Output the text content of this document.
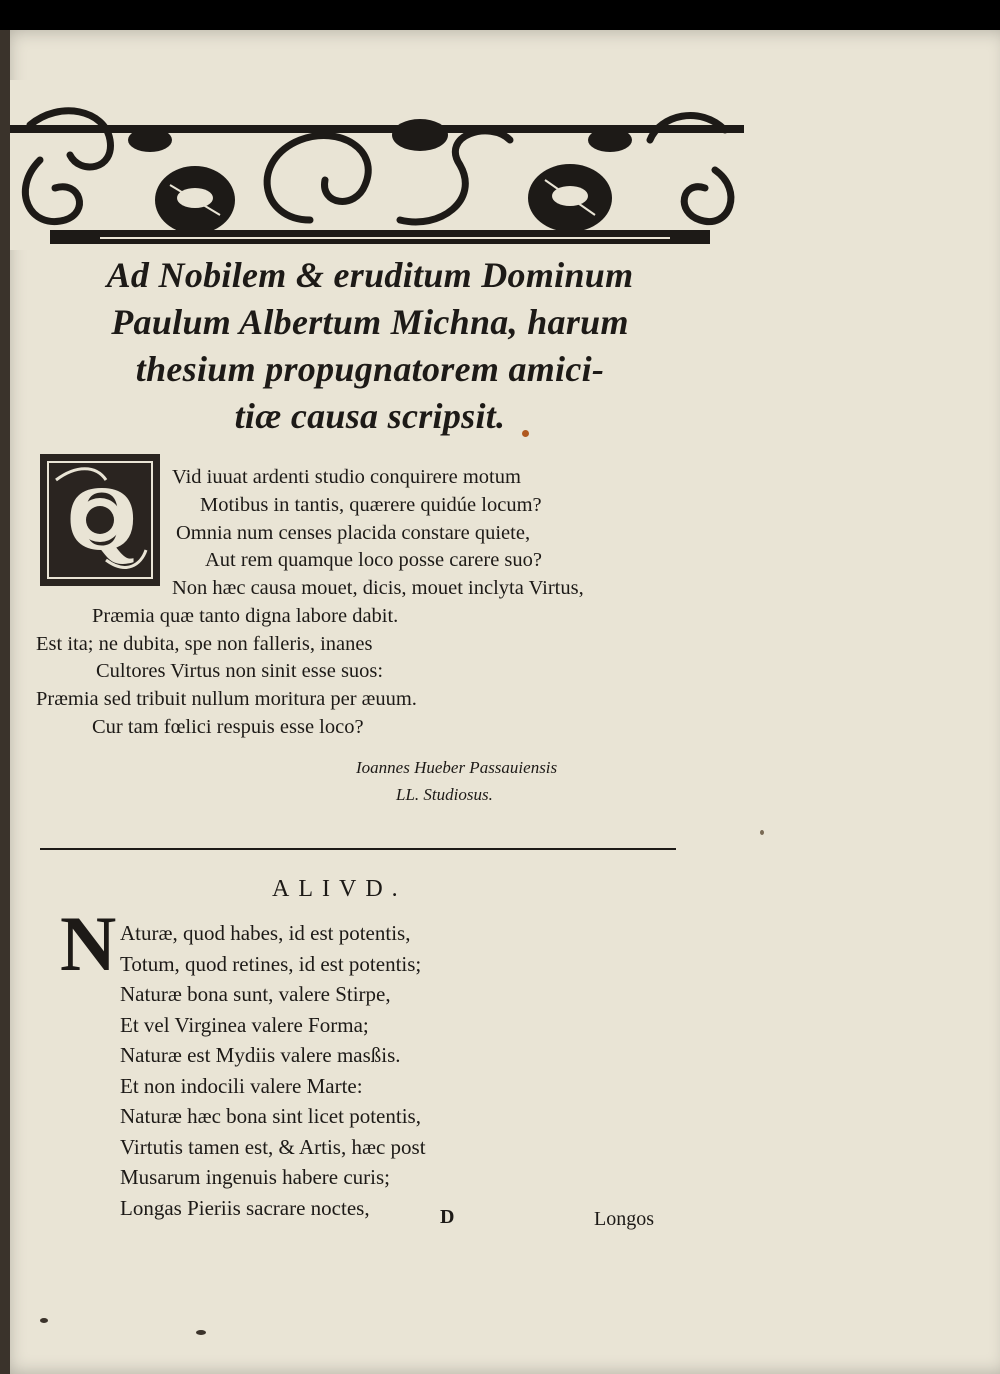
Ad Nobilem & eruditum Dominum
Paulum Albertum Michna, harum
thesium propugnatorem amici-
tiæ causa scripsit.
Q Vid iuuat ardenti studio conquirere motum
Motibus in tantis, quærere quidúe locum?
Omnia num censes placida constare quiete,
Aut rem quamque loco posse carere suo?
Non hæc causa mouet, dicis, mouet inclyta Virtus,
Præmia quæ tanto digna labore dabit.
Est ita; ne dubita, spe non falleris, inanes
Cultores Virtus non sinit esse suos:
Præmia sed tribuit nullum moritura per æuum.
Cur tam fœlici respuis esse loco?
Ioannes Hueber Passauiensis
LL. Studiosus.
ALIVD.
N Aturæ, quod habes, id est potentis,
Totum, quod retines, id est potentis;
Naturæ bona sunt, valere Stirpe,
Et vel Virginea valere Forma;
Naturæ est Mydiis valere masßis.
Et non indocili valere Marte:
Naturæ hæc bona sint licet potentis,
Virtutis tamen est, & Artis, hæc post
Musarum ingenuis habere curis;
Longas Pieriis sacrare noctes,	D	Longos
